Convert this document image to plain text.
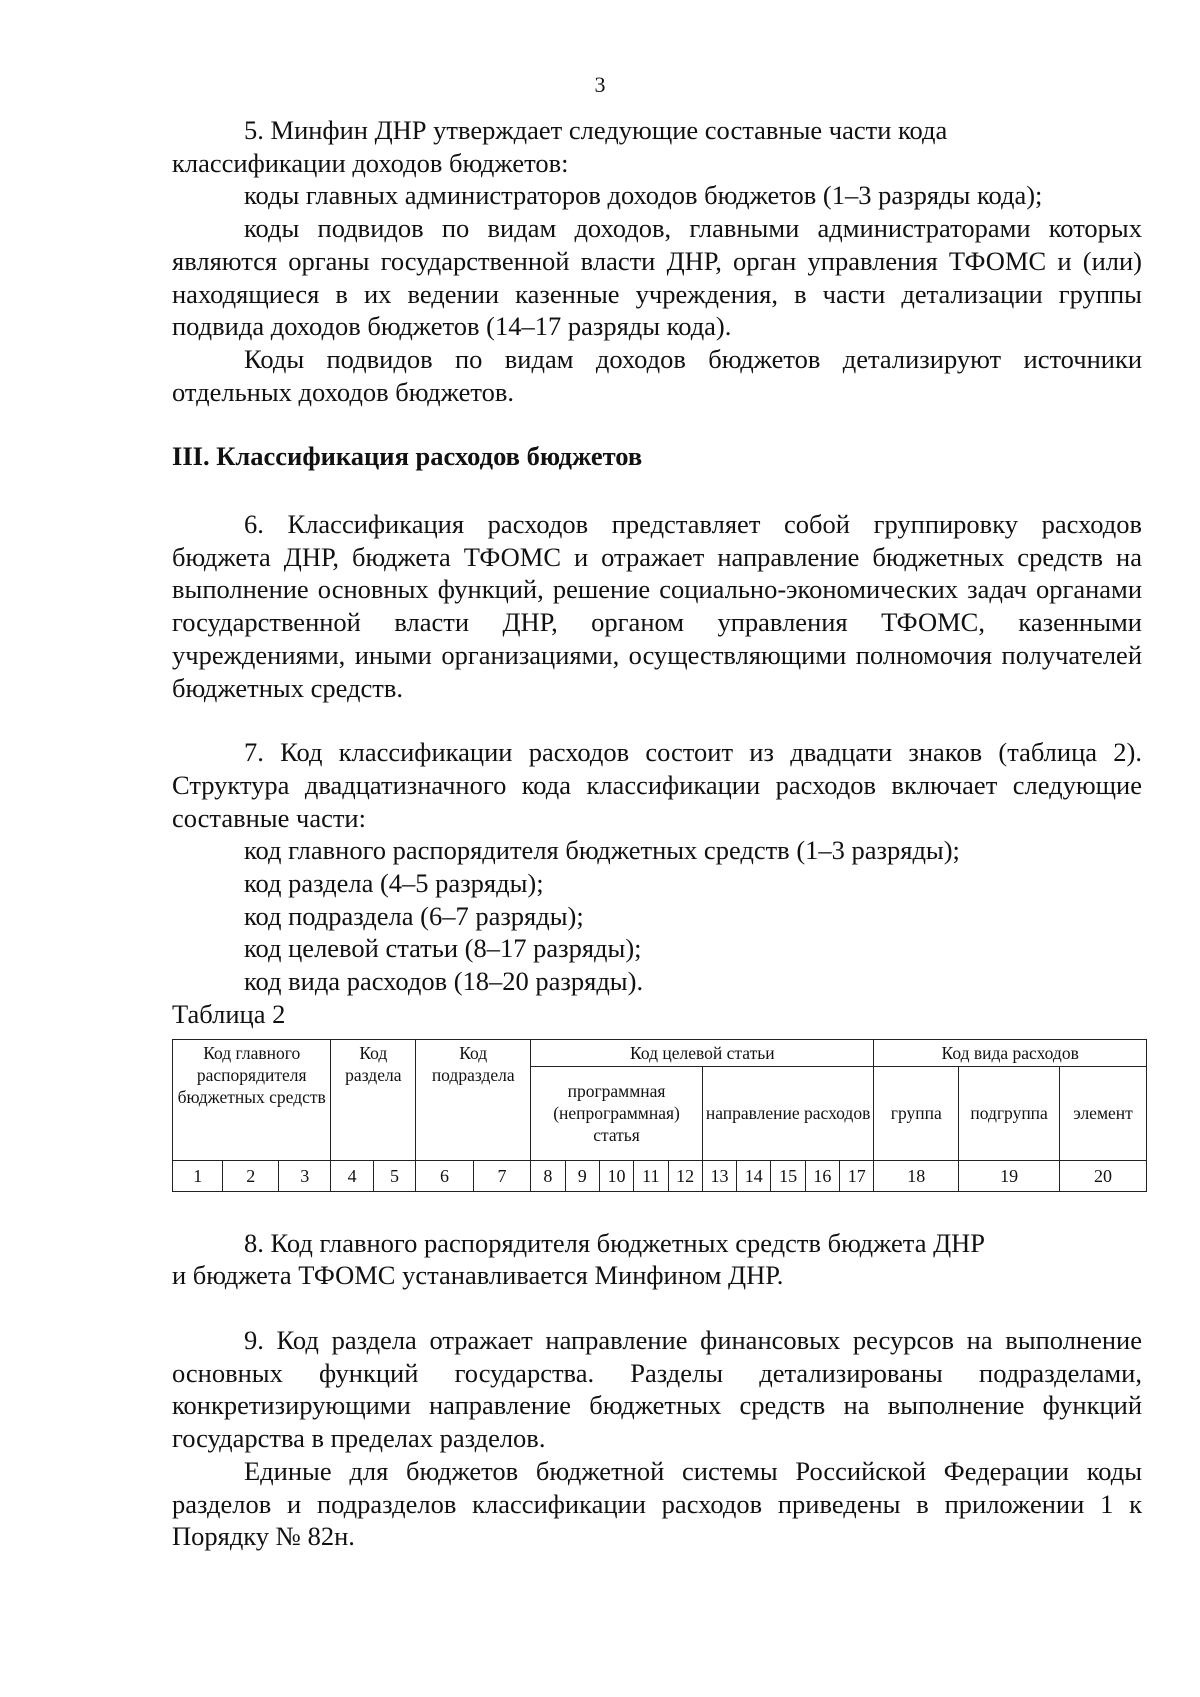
3

5. Минфин ДНР утверждает следующие составные части кода

классификации доходов бюджетов:

коды главных администраторов доходов бюджетов (1–3 разряды кода);

коды подвидов по видам доходов, главными администраторами которых являются органы государственной власти ДНР, орган управления ТФОМС и (или) находящиеся в их ведении казенные учреждения, в части детализации группы подвида доходов бюджетов (14–17 разряды кода).

Коды подвидов по видам доходов бюджетов детализируют источники отдельных доходов бюджетов.

III. Классификация расходов бюджетов

6. Классификация расходов представляет собой группировку расходов бюджета ДНР, бюджета ТФОМС и отражает направление бюджетных средств на выполнение основных функций, решение социально-экономических задач органами государственной власти ДНР, органом управления ТФОМС, казенными учреждениями, иными организациями, осуществляющими полномочия получателей бюджетных средств.

7. Код классификации расходов состоит из двадцати знаков (таблица 2). Структура двадцатизначного кода классификации расходов включает следующие составные части:

код главного распорядителя бюджетных средств (1–3 разряды);

код раздела (4–5 разряды);

код подраздела (6–7 разряды);

код целевой статьи (8–17 разряды);

код вида расходов (18–20 разряды).

Таблица 2

Код главного распорядителя бюджетных средств			Код раздела		Код подраздела		Код целевой статьи										Код вида расходов		
							программная (непрограммная) статья					направление расходов					группа	подгруппа	элемент
1	2	3	4	5	6	7	8	9	10	11	12	13	14	15	16	17	18	19	20

8. Код главного распорядителя бюджетных средств бюджета ДНР

и бюджета ТФОМС устанавливается Минфином ДНР.

9. Код раздела отражает направление финансовых ресурсов на выполнение основных функций государства. Разделы детализированы подразделами, конкретизирующими направление бюджетных средств на выполнение функций государства в пределах разделов.

Единые для бюджетов бюджетной системы Российской Федерации коды разделов и подразделов классификации расходов приведены в приложении 1 к Порядку № 82н.
